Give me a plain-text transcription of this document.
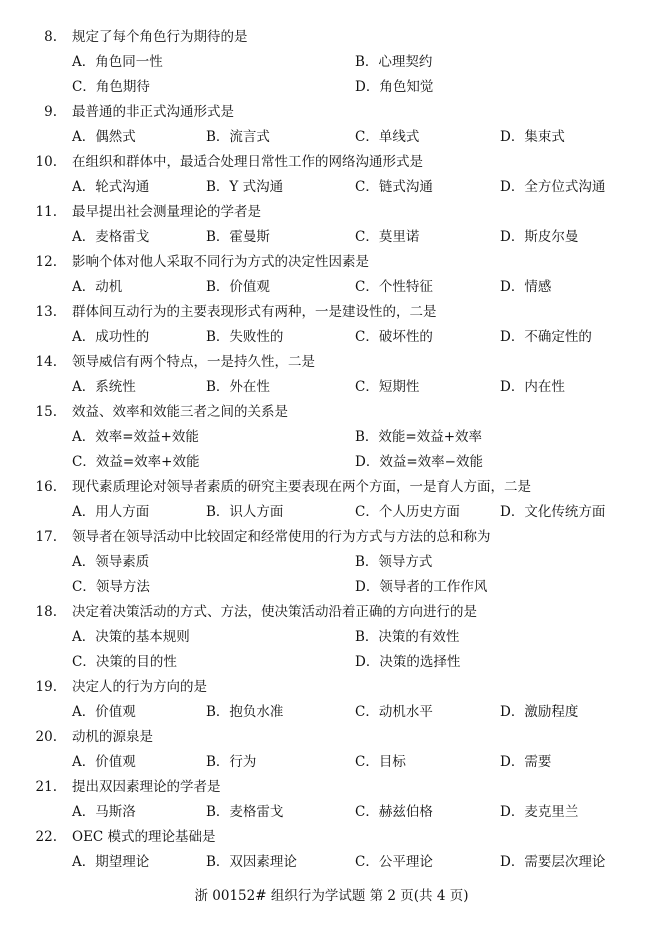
8. 规定了每个角色行为期待的是
A．角色同一性	B．心理契约
C．角色期待	D．角色知觉
9. 最普通的非正式沟通形式是
A．偶然式	B．流言式	C．单线式	D．集束式
10. 在组织和群体中，最适合处理日常性工作的网络沟通形式是
A．轮式沟通	B．Y 式沟通	C．链式沟通	D．全方位式沟通
11. 最早提出社会测量理论的学者是
A．麦格雷戈	B．霍曼斯	C．莫里诺	D．斯皮尔曼
12. 影响个体对他人采取不同行为方式的决定性因素是
A．动机	B．价值观	C．个性特征	D．情感
13. 群体间互动行为的主要表现形式有两种，一是建设性的，二是
A．成功性的	B．失败性的	C．破坏性的	D．不确定性的
14. 领导威信有两个特点，一是持久性，二是
A．系统性	B．外在性	C．短期性	D．内在性
15. 效益、效率和效能三者之间的关系是
A．效率=效益+效能	B．效能=效益+效率
C．效益=效率+效能	D．效益=效率−效能
16. 现代素质理论对领导者素质的研究主要表现在两个方面，一是育人方面，二是
A．用人方面	B．识人方面	C．个人历史方面	D．文化传统方面
17. 领导者在领导活动中比较固定和经常使用的行为方式与方法的总和称为
A．领导素质	B．领导方式
C．领导方法	D．领导者的工作作风
18. 决定着决策活动的方式、方法，使决策活动沿着正确的方向进行的是
A．决策的基本规则	B．决策的有效性
C．决策的目的性	D．决策的选择性
19. 决定人的行为方向的是
A．价值观	B．抱负水准	C．动机水平	D．激励程度
20. 动机的源泉是
A．价值观	B．行为	C．目标	D．需要
21. 提出双因素理论的学者是
A．马斯洛	B．麦格雷戈	C．赫兹伯格	D．麦克里兰
22. OEC 模式的理论基础是
A．期望理论	B．双因素理论	C．公平理论	D．需要层次理论
浙 00152# 组织行为学试题 第 2 页(共 4 页)
